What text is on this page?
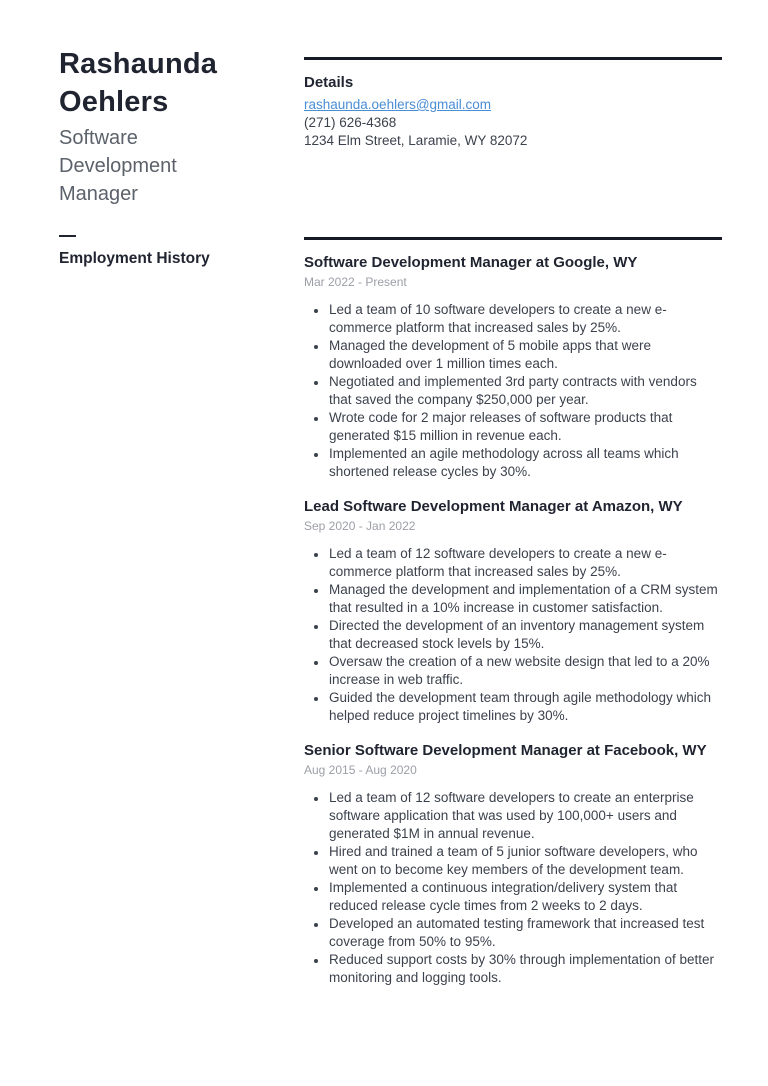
Rashaunda Oehlers
Software Development Manager
Employment History
Details
rashaunda.oehlers@gmail.com
(271) 626-4368
1234 Elm Street, Laramie, WY 82072
Software Development Manager at Google, WY
Mar 2022 - Present
• Led a team of 10 software developers to create a new e-commerce platform that increased sales by 25%.
• Managed the development of 5 mobile apps that were downloaded over 1 million times each.
• Negotiated and implemented 3rd party contracts with vendors that saved the company $250,000 per year.
• Wrote code for 2 major releases of software products that generated $15 million in revenue each.
• Implemented an agile methodology across all teams which shortened release cycles by 30%.
Lead Software Development Manager at Amazon, WY
Sep 2020 - Jan 2022
• Led a team of 12 software developers to create a new e-commerce platform that increased sales by 25%.
• Managed the development and implementation of a CRM system that resulted in a 10% increase in customer satisfaction.
• Directed the development of an inventory management system that decreased stock levels by 15%.
• Oversaw the creation of a new website design that led to a 20% increase in web traffic.
• Guided the development team through agile methodology which helped reduce project timelines by 30%.
Senior Software Development Manager at Facebook, WY
Aug 2015 - Aug 2020
• Led a team of 12 software developers to create an enterprise software application that was used by 100,000+ users and generated $1M in annual revenue.
• Hired and trained a team of 5 junior software developers, who went on to become key members of the development team.
• Implemented a continuous integration/delivery system that reduced release cycle times from 2 weeks to 2 days.
• Developed an automated testing framework that increased test coverage from 50% to 95%.
• Reduced support costs by 30% through implementation of better monitoring and logging tools.
